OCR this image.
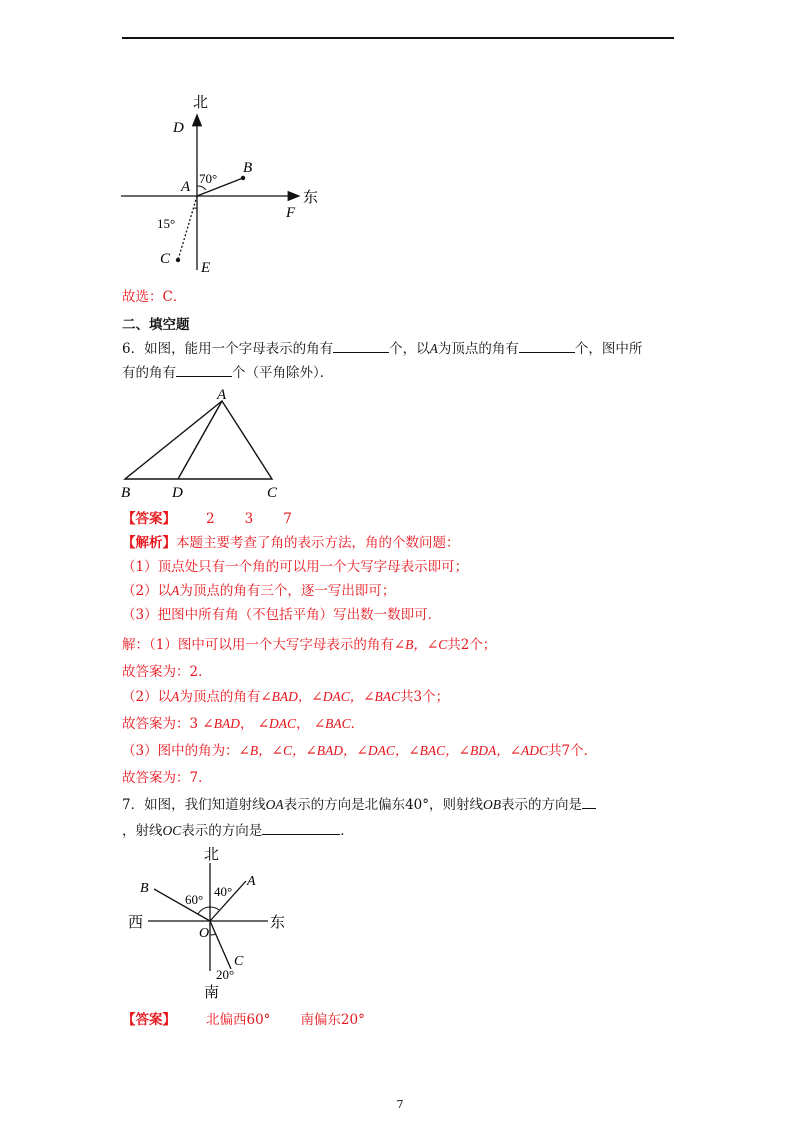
北
D
B
70°
A
东
F
15°
C
E
故选：C．
二、填空题
6．如图，能用一个字母表示的角有	个，以A为顶点的角有	个，图中所
有的角有	个（平角除外）．
A
B	D	C
【答案】 2 3 7
【解析】本题主要考查了角的表示方法，角的个数问题：
（1）顶点处只有一个角的可以用一个大写字母表示即可；
（2）以A为顶点的角有三个，逐一写出即可；
（3）把图中所有角（不包括平角）写出数一数即可．
解：（1）图中可以用一个大写字母表示的角有∠B，∠C共2个；
故答案为：2．
（2）以A为顶点的角有∠BAD，∠DAC，∠BAC共3个；
故答案为：3 ∠BAD， ∠DAC， ∠BAC．
（3）图中的角为：∠B，∠C，∠BAD，∠DAC，∠BAC，∠BDA，∠ADC共7个．
故答案为：7．
7．如图，我们知道射线OA表示的方向是北偏东40°，则射线OB表示的方向是
，射线OC表示的方向是	．
北
西	东
南
A
B
C
O
40°
60°
20°
【答案】 北偏西60° 南偏东20°
7
